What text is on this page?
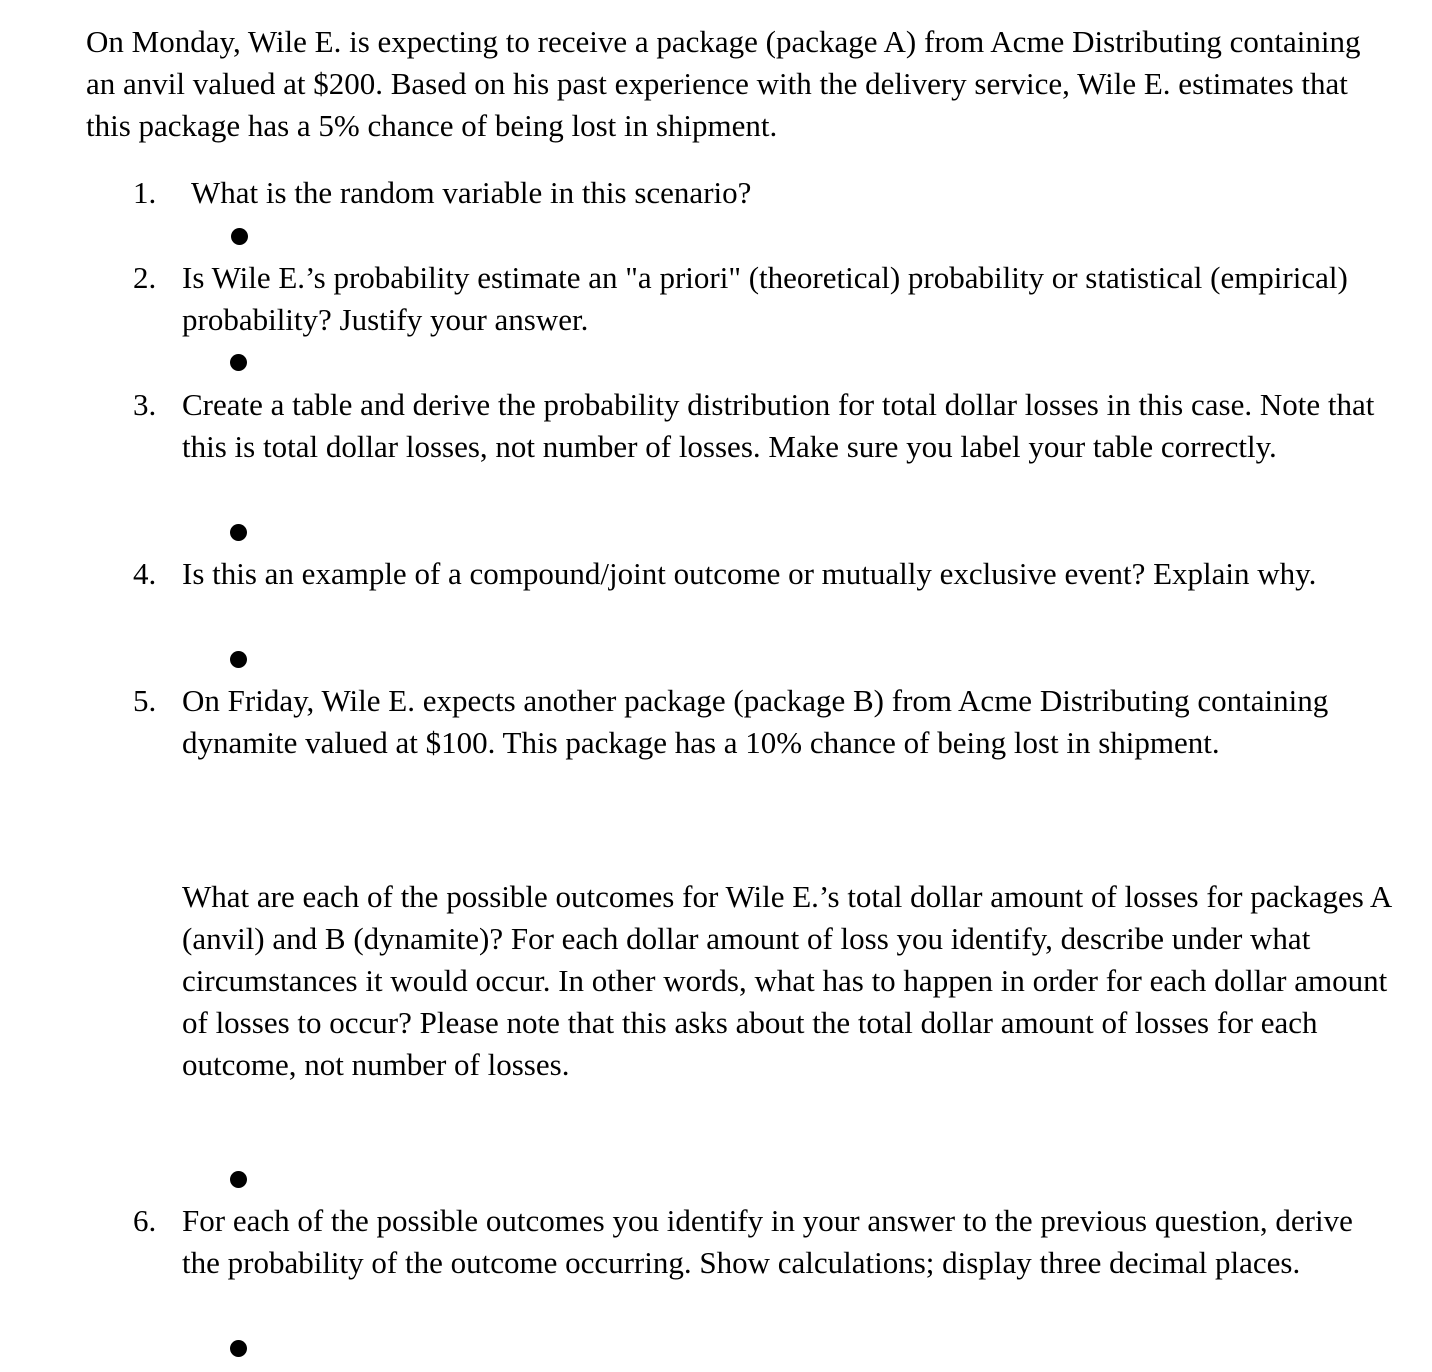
On Monday, Wile E. is expecting to receive a package (package A) from Acme Distributing containing an anvil valued at $200. Based on his past experience with the delivery service, Wile E. estimates that this package has a 5% chance of being lost in shipment.

1.	What is the random variable in this scenario?

2. Is Wile E.’s probability estimate an "a priori" (theoretical) probability or statistical (empirical) probability? Justify your answer.

3. Create a table and derive the probability distribution for total dollar losses in this case. Note that this is total dollar losses, not number of losses. Make sure you label your table correctly.

4. Is this an example of a compound/joint outcome or mutually exclusive event? Explain why.

5. On Friday, Wile E. expects another package (package B) from Acme Distributing containing dynamite valued at $100. This package has a 10% chance of being lost in shipment.

What are each of the possible outcomes for Wile E.’s total dollar amount of losses for packages A (anvil) and B (dynamite)? For each dollar amount of loss you identify, describe under what circumstances it would occur. In other words, what has to happen in order for each dollar amount of losses to occur? Please note that this asks about the total dollar amount of losses for each outcome, not number of losses.

6. For each of the possible outcomes you identify in your answer to the previous question, derive the probability of the outcome occurring. Show calculations; display three decimal places.
